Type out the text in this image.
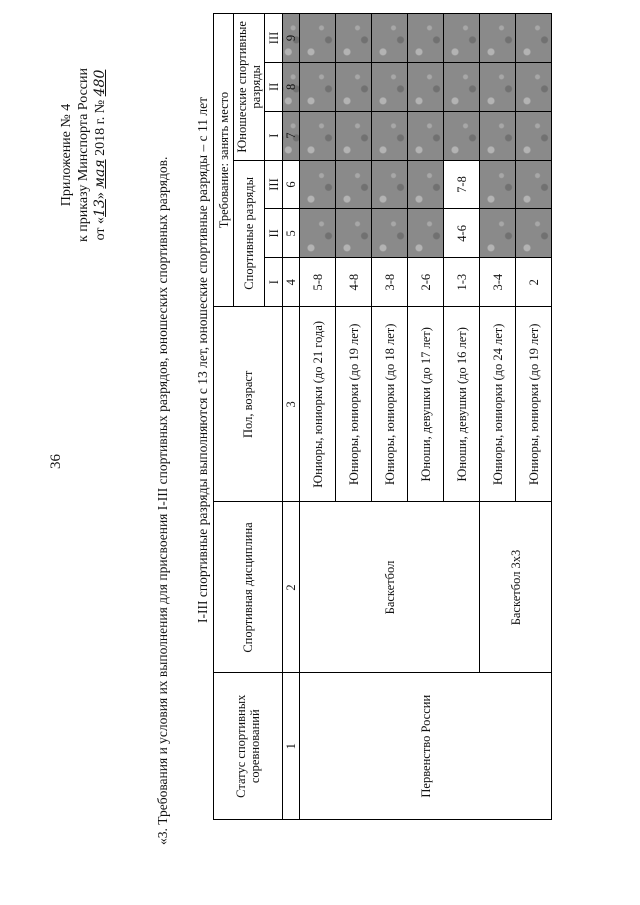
36
Приложение № 4 к приказу Минспорта России от «13» мая 2018 г. № 480
«3. Требования и условия их выполнения для присвоения I-III спортивных разрядов, юношеских спортивных разрядов. I-III спортивные разряды выполняются с 13 лет, юношеские спортивные разряды – с 11 лет
Статус спортивных соревнований	Спортивная дисциплина	Пол, возраст	Требование: занять место					
			Спортивные разряды			Юношеские спортивные разряды		
			I	II	III	I	II	III
1	2	3	4	5	6	7	8	9
Первенство России	Баскетбол	Юниоры, юниорки (до 21 года)	5-8					
		Юниоры, юниорки (до 19 лет)	4-8					
		Юниоры, юниорки (до 18 лет)	3-8					
		Юноши, девушки (до 17 лет)	2-6					
		Юноши, девушки (до 16 лет)	1-3	4-6	7-8			
	Баскетбол 3x3	Юниоры, юниорки (до 24 лет)	3-4					
		Юниоры, юниорки (до 19 лет)	2					
